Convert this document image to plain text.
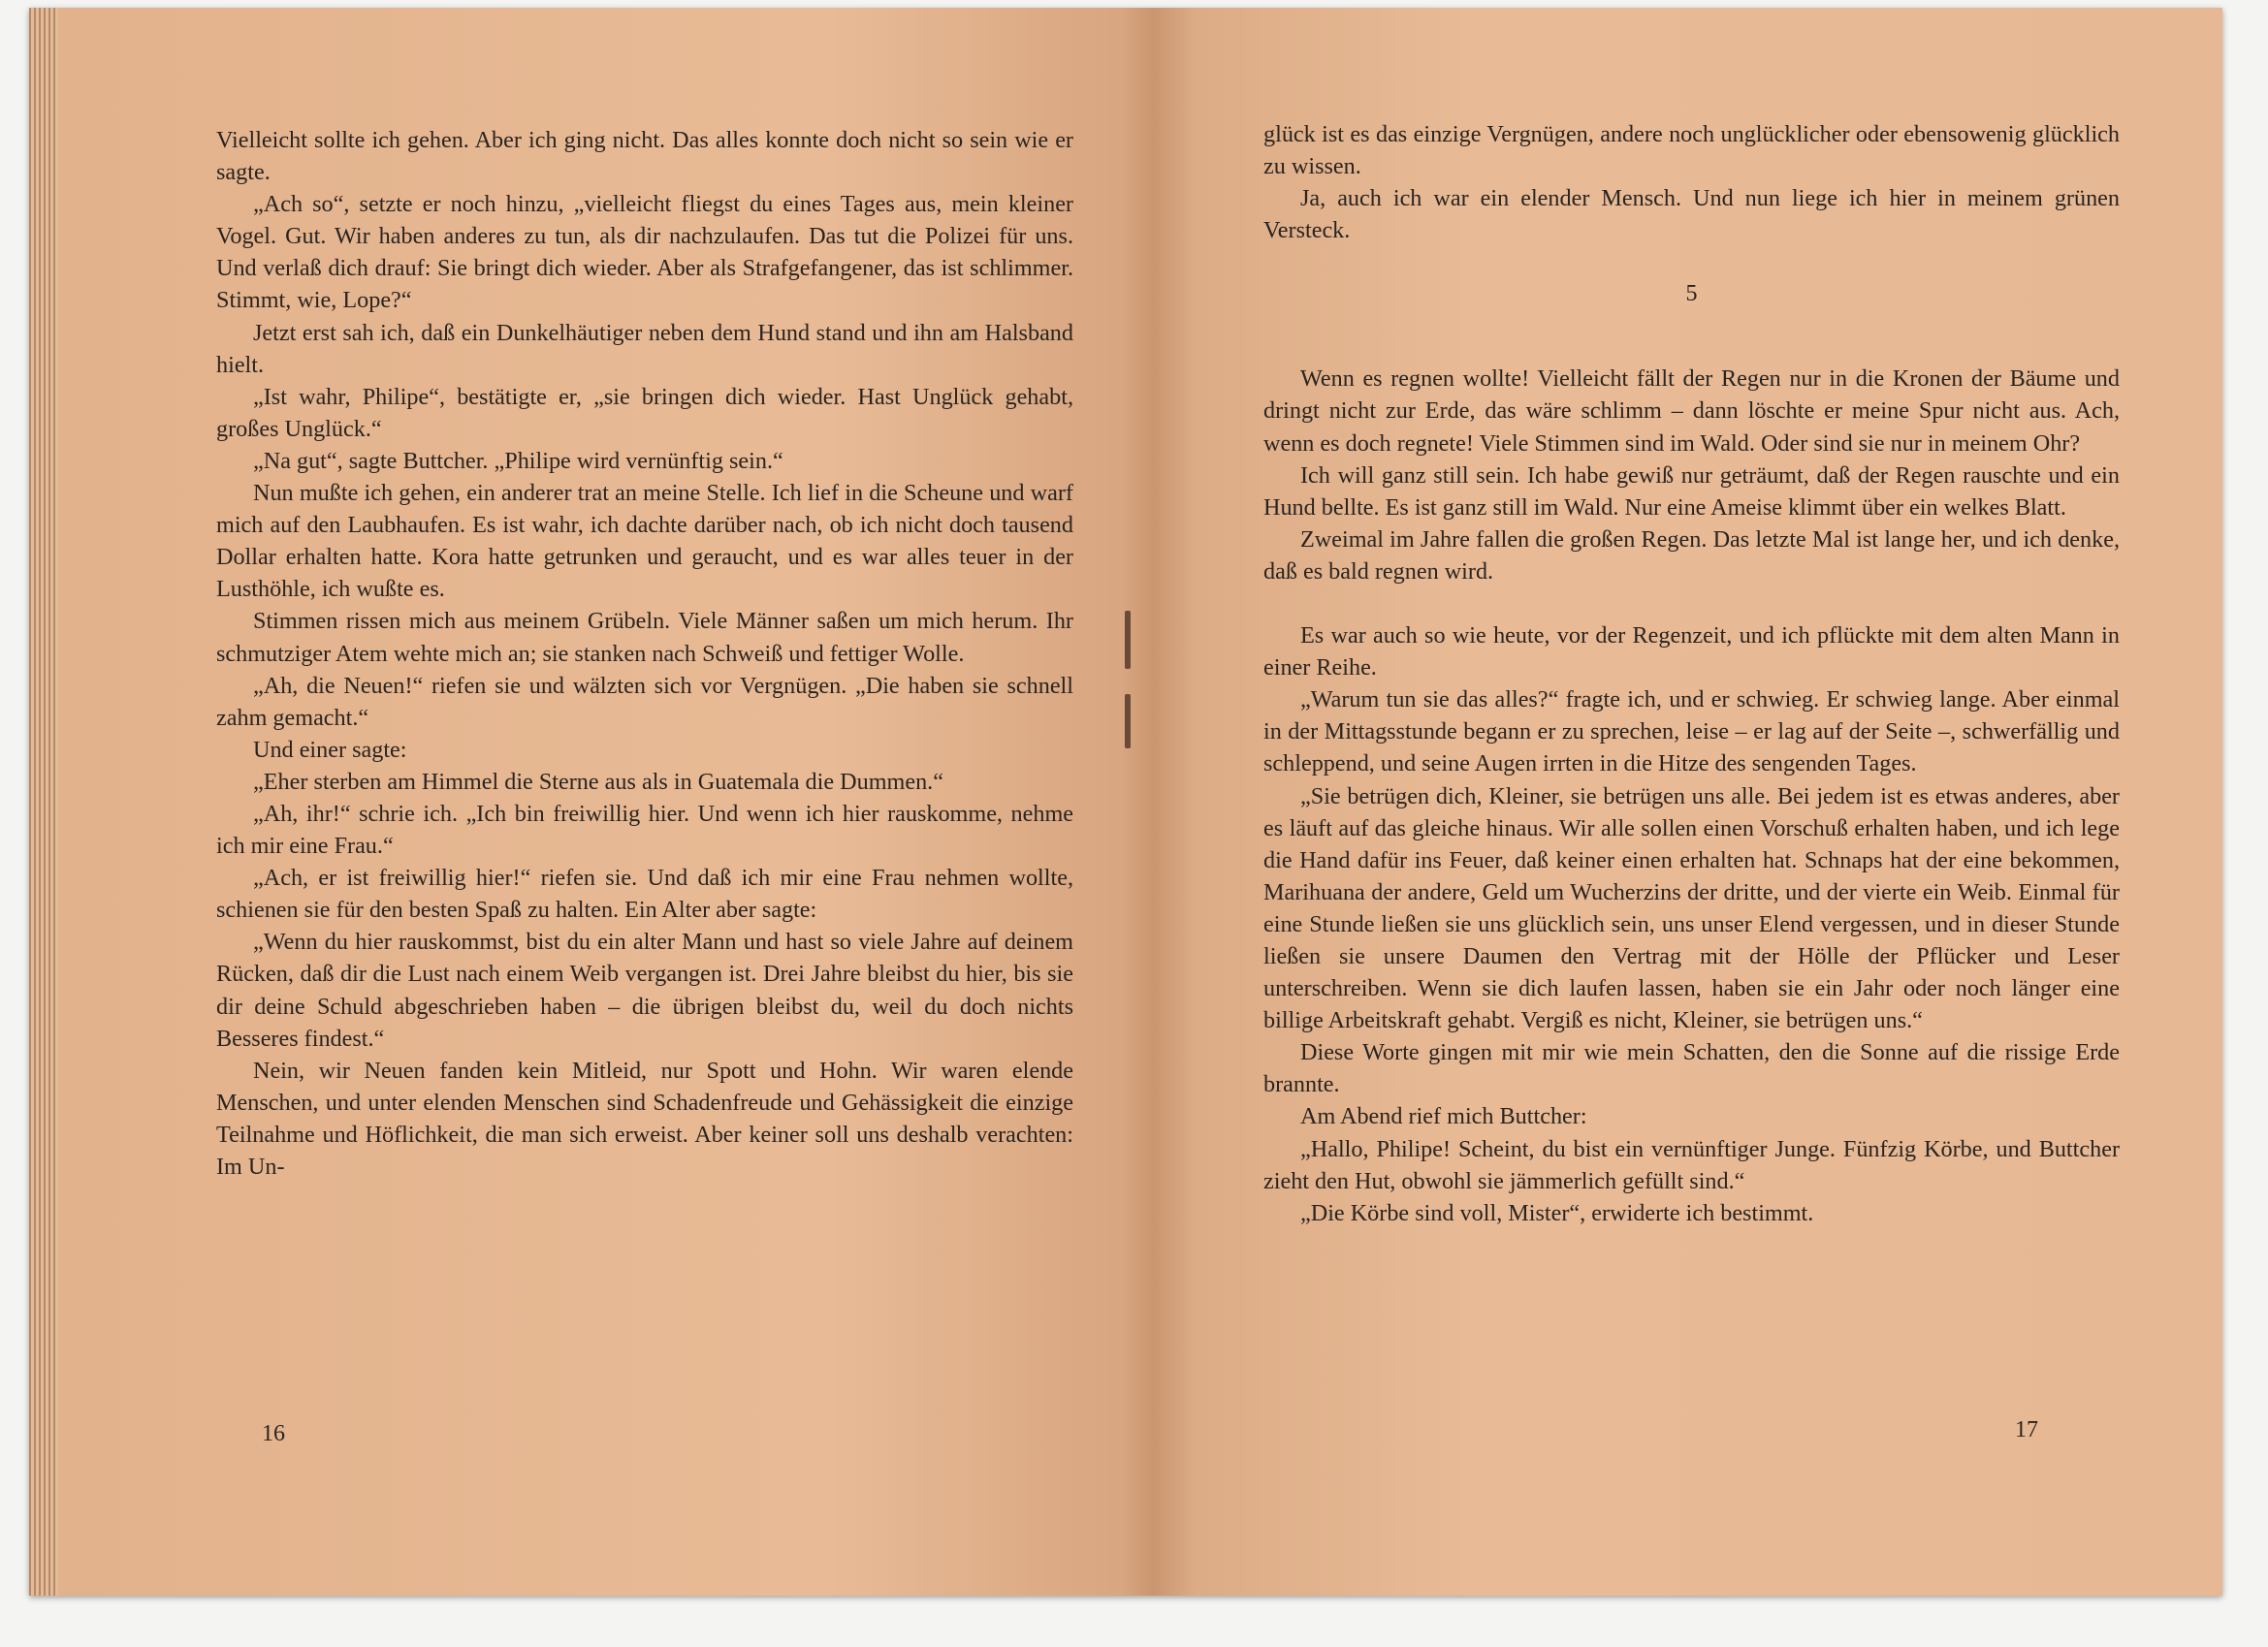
Vielleicht sollte ich gehen. Aber ich ging nicht. Das alles konnte doch nicht so sein wie er sagte.

„Ach so“, setzte er noch hinzu, „vielleicht fliegst du eines Tages aus, mein kleiner Vogel. Gut. Wir haben anderes zu tun, als dir nachzulaufen. Das tut die Polizei für uns. Und verlaß dich drauf: Sie bringt dich wieder. Aber als Strafgefangener, das ist schlimmer. Stimmt, wie, Lope?“

Jetzt erst sah ich, daß ein Dunkelhäutiger neben dem Hund stand und ihn am Halsband hielt.

„Ist wahr, Philipe“, bestätigte er, „sie bringen dich wieder. Hast Unglück gehabt, großes Unglück.“

„Na gut“, sagte Buttcher. „Philipe wird vernünftig sein.“

Nun mußte ich gehen, ein anderer trat an meine Stelle. Ich lief in die Scheune und warf mich auf den Laubhaufen. Es ist wahr, ich dachte darüber nach, ob ich nicht doch tausend Dollar erhalten hatte. Kora hatte getrunken und geraucht, und es war alles teuer in der Lusthöhle, ich wußte es.

Stimmen rissen mich aus meinem Grübeln. Viele Männer saßen um mich herum. Ihr schmutziger Atem wehte mich an; sie stanken nach Schweiß und fettiger Wolle.

„Ah, die Neuen!“ riefen sie und wälzten sich vor Vergnügen. „Die haben sie schnell zahm gemacht.“

Und einer sagte:

„Eher sterben am Himmel die Sterne aus als in Guatemala die Dummen.“

„Ah, ihr!“ schrie ich. „Ich bin freiwillig hier. Und wenn ich hier rauskomme, nehme ich mir eine Frau.“

„Ach, er ist freiwillig hier!“ riefen sie. Und daß ich mir eine Frau nehmen wollte, schienen sie für den besten Spaß zu halten. Ein Alter aber sagte:

„Wenn du hier rauskommst, bist du ein alter Mann und hast so viele Jahre auf deinem Rücken, daß dir die Lust nach einem Weib vergangen ist. Drei Jahre bleibst du hier, bis sie dir deine Schuld abgeschrieben haben – die übrigen bleibst du, weil du doch nichts Besseres findest.“

Nein, wir Neuen fanden kein Mitleid, nur Spott und Hohn. Wir waren elende Menschen, und unter elenden Menschen sind Schadenfreude und Gehässigkeit die einzige Teilnahme und Höflichkeit, die man sich erweist. Aber keiner soll uns deshalb verachten: Im Un-

16

glück ist es das einzige Vergnügen, andere noch unglücklicher oder ebensowenig glücklich zu wissen.

Ja, auch ich war ein elender Mensch. Und nun liege ich hier in meinem grünen Versteck.

5

Wenn es regnen wollte! Vielleicht fällt der Regen nur in die Kronen der Bäume und dringt nicht zur Erde, das wäre schlimm – dann löschte er meine Spur nicht aus. Ach, wenn es doch regnete! Viele Stimmen sind im Wald. Oder sind sie nur in meinem Ohr?

Ich will ganz still sein. Ich habe gewiß nur geträumt, daß der Regen rauschte und ein Hund bellte. Es ist ganz still im Wald. Nur eine Ameise klimmt über ein welkes Blatt.

Zweimal im Jahre fallen die großen Regen. Das letzte Mal ist lange her, und ich denke, daß es bald regnen wird.

Es war auch so wie heute, vor der Regenzeit, und ich pflückte mit dem alten Mann in einer Reihe.

„Warum tun sie das alles?“ fragte ich, und er schwieg. Er schwieg lange. Aber einmal in der Mittagsstunde begann er zu sprechen, leise – er lag auf der Seite –, schwerfällig und schleppend, und seine Augen irrten in die Hitze des sengenden Tages.

„Sie betrügen dich, Kleiner, sie betrügen uns alle. Bei jedem ist es etwas anderes, aber es läuft auf das gleiche hinaus. Wir alle sollen einen Vorschuß erhalten haben, und ich lege die Hand dafür ins Feuer, daß keiner einen erhalten hat. Schnaps hat der eine bekommen, Marihuana der andere, Geld um Wucherzins der dritte, und der vierte ein Weib. Einmal für eine Stunde ließen sie uns glücklich sein, uns unser Elend vergessen, und in dieser Stunde ließen sie unsere Daumen den Vertrag mit der Hölle der Pflücker und Leser unterschreiben. Wenn sie dich laufen lassen, haben sie ein Jahr oder noch länger eine billige Arbeitskraft gehabt. Vergiß es nicht, Kleiner, sie betrügen uns.“

Diese Worte gingen mit mir wie mein Schatten, den die Sonne auf die rissige Erde brannte.

Am Abend rief mich Buttcher:

„Hallo, Philipe! Scheint, du bist ein vernünftiger Junge. Fünfzig Körbe, und Buttcher zieht den Hut, obwohl sie jämmerlich gefüllt sind.“

„Die Körbe sind voll, Mister“, erwiderte ich bestimmt.

17
